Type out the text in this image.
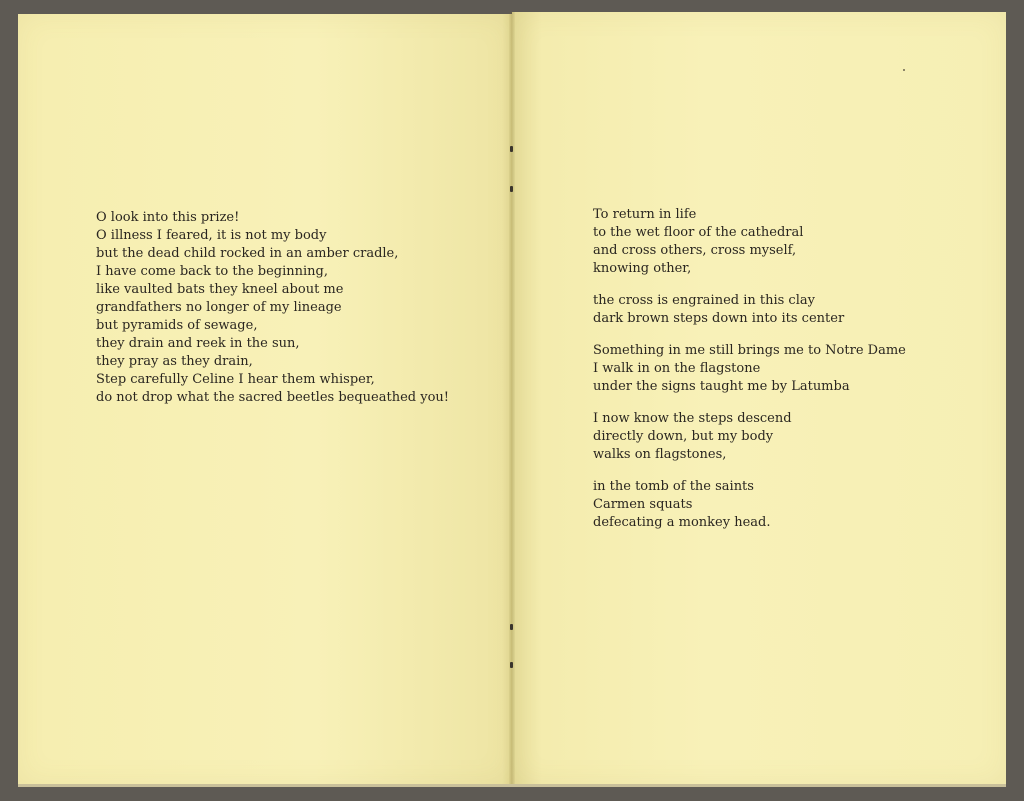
O look into this prize!
O illness I feared, it is not my body
but the dead child rocked in an amber cradle,
I have come back to the beginning,
like vaulted bats they kneel about me
grandfathers no longer of my lineage
but pyramids of sewage,
they drain and reek in the sun,
they pray as they drain,
Step carefully Celine I hear them whisper,
do not drop what the sacred beetles bequeathed you!
To return in life
to the wet floor of the cathedral
and cross others, cross myself,
knowing other,
the cross is engrained in this clay
dark brown steps down into its center
Something in me still brings me to Notre Dame
I walk in on the flagstone
under the signs taught me by Latumba
I now know the steps descend
directly down, but my body
walks on flagstones,
in the tomb of the saints
Carmen squats
defecating a monkey head.
